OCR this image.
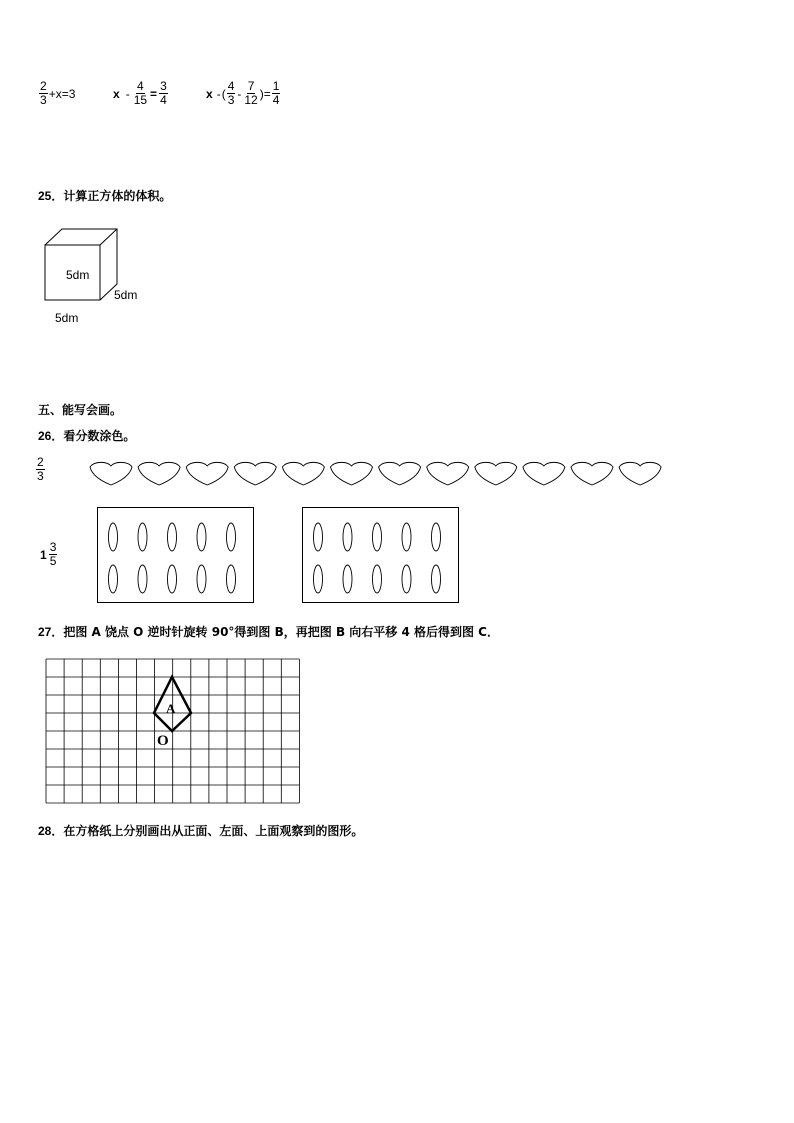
$\frac{2}{3} +x=3$	$x - \frac{4}{15} = \frac{3}{4}$	x - ( $\frac{4}{3} - \frac{7}{12}$ )= $\frac{1}{4}$
25．计算正方体的体积。
5dm
5dm
5dm
五、能写会画。
26．看分数涂色。
$\frac{2}{3}$
$1 \frac{3}{5}$
27．把图 A 饶点 O 逆时针旋转 90°得到图 B，再把图 B 向右平移 4 格后得到图 C．
A
O
28．在方格纸上分别画出从正面、左面、上面观察到的图形。
